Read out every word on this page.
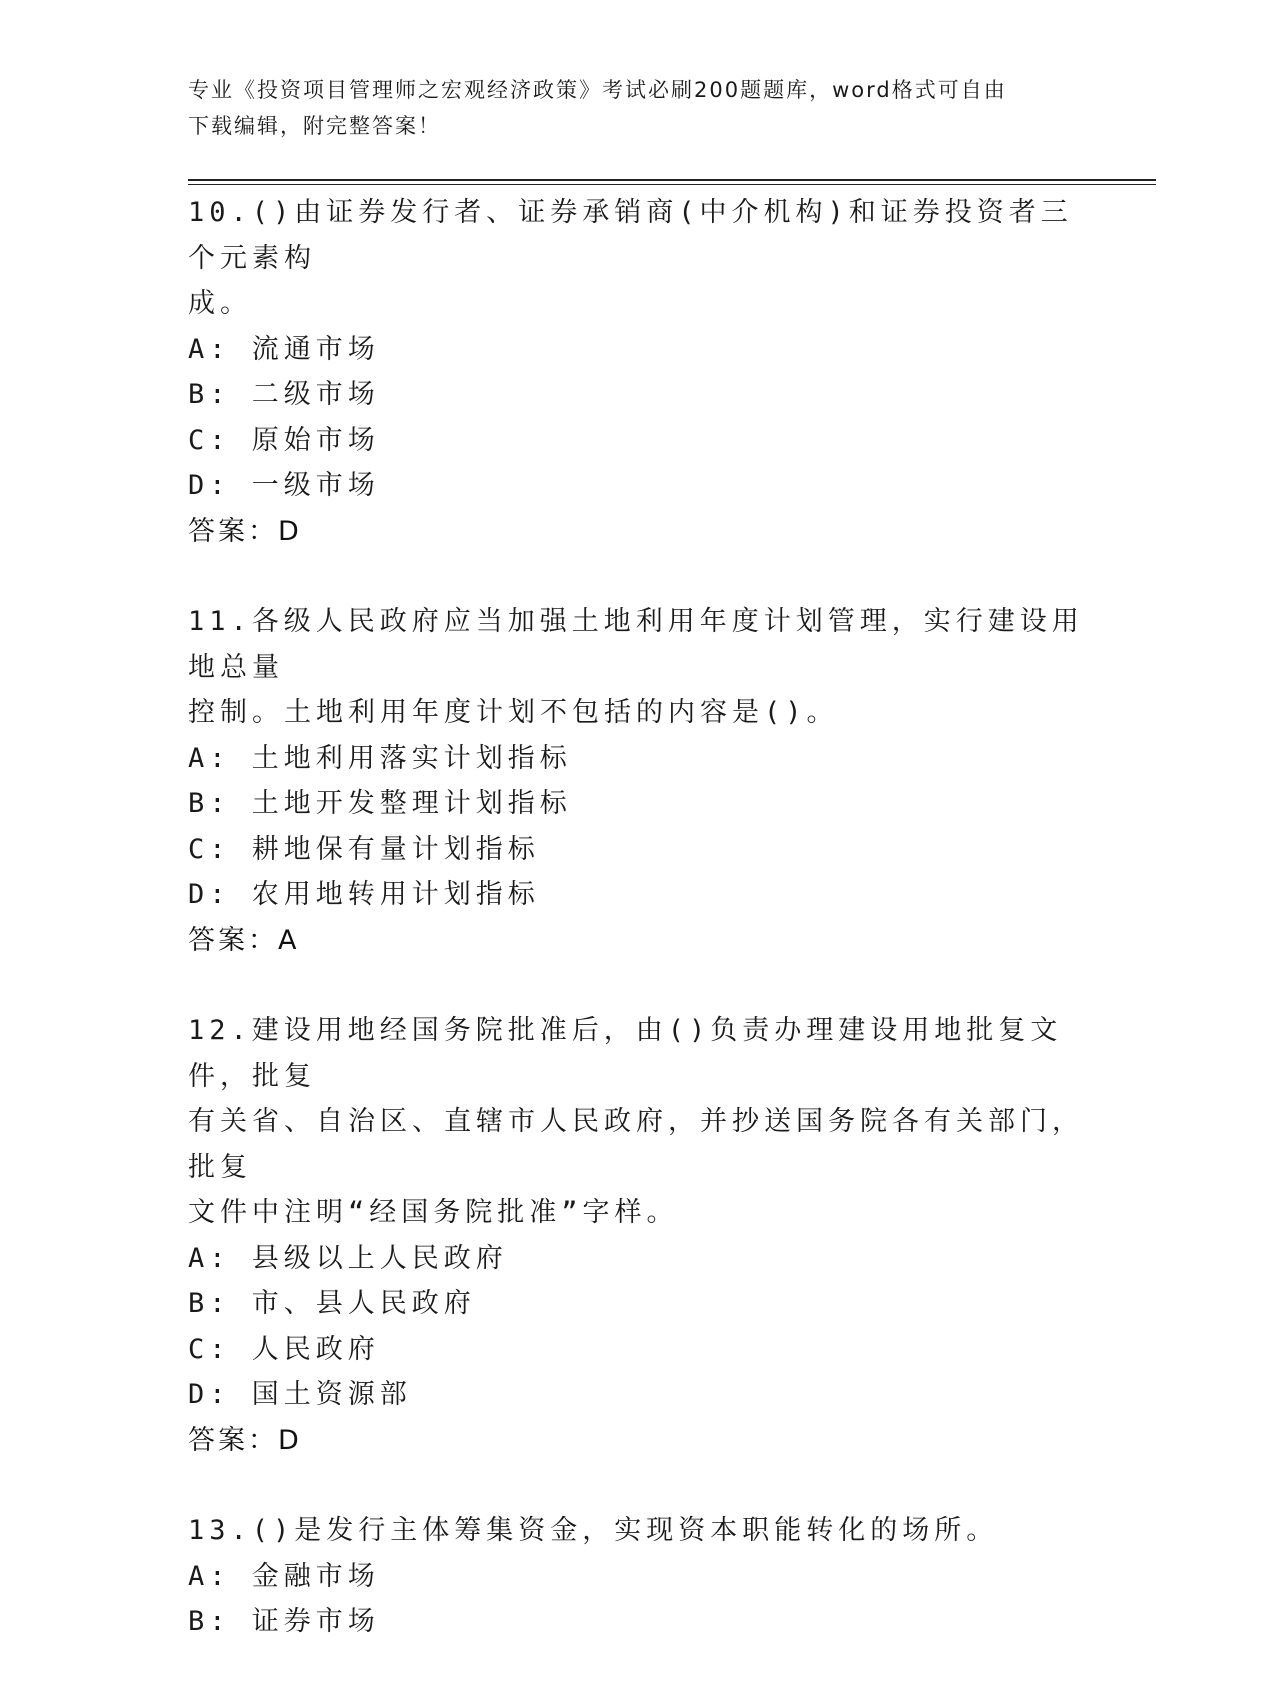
专业《投资项目管理师之宏观经济政策》考试必刷200题题库，word格式可自由
下载编辑，附完整答案！
10.()由证券发行者、证券承销商(中介机构)和证券投资者三个元素构
成。
A: 流通市场
B: 二级市场
C: 原始市场
D: 一级市场
答案：D
11.各级人民政府应当加强土地利用年度计划管理，实行建设用地总量
控制。土地利用年度计划不包括的内容是()。
A: 土地利用落实计划指标
B: 土地开发整理计划指标
C: 耕地保有量计划指标
D: 农用地转用计划指标
答案：A
12.建设用地经国务院批准后，由()负责办理建设用地批复文件，批复
有关省、自治区、直辖市人民政府，并抄送国务院各有关部门，批复
文件中注明“经国务院批准”字样。
A: 县级以上人民政府
B: 市、县人民政府
C: 人民政府
D: 国土资源部
答案：D
13.()是发行主体筹集资金，实现资本职能转化的场所。
A: 金融市场
B: 证券市场
